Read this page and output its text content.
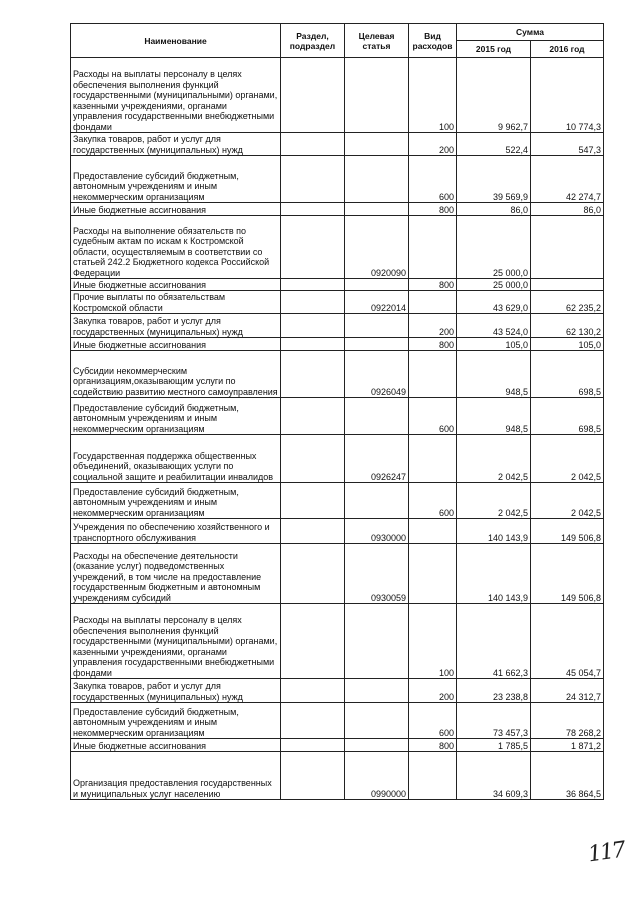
Наименование	Раздел, подраздел	Целевая статья	Вид расходов	Сумма	
				2015 год	2016 год
Расходы на выплаты персоналу в целях обеспечения выполнения функций государственными (муниципальными) органами, казенными учреждениями, органами управления государственными внебюджетными фондами			100	9 962,7	10 774,3
Закупка товаров, работ и услуг для государственных (муниципальных) нужд			200	522,4	547,3
Предоставление субсидий бюджетным, автономным учреждениям и иным некоммерческим организациям			600	39 569,9	42 274,7
Иные бюджетные ассигнования			800	86,0	86,0
Расходы на выполнение обязательств по судебным актам по искам к Костромской области, осуществляемым в соответствии со статьей 242.2 Бюджетного кодекса Российской Федерации		0920090		25 000,0	
Иные бюджетные ассигнования			800	25 000,0	
Прочие выплаты по обязательствам Костромской области		0922014		43 629,0	62 235,2
Закупка товаров, работ и услуг для государственных (муниципальных) нужд			200	43 524,0	62 130,2
Иные бюджетные ассигнования			800	105,0	105,0
Субсидии некоммерческим организациям,оказывающим услуги по содействию развитию местного самоуправления		0926049		948,5	698,5
Предоставление субсидий бюджетным, автономным учреждениям и иным некоммерческим организациям			600	948,5	698,5
Государственная поддержка общественных объединений, оказывающих услуги по социальной защите и реабилитации инвалидов		0926247		2 042,5	2 042,5
Предоставление субсидий бюджетным, автономным учреждениям и иным некоммерческим организациям			600	2 042,5	2 042,5
Учреждения по обеспечению хозяйственного и транспортного обслуживания		0930000		140 143,9	149 506,8
Расходы на обеспечение деятельности (оказание услуг) подведомственных учреждений, в том числе на предоставление государственным бюджетным и автономным учреждениям субсидий		0930059		140 143,9	149 506,8
Расходы на выплаты персоналу в целях обеспечения выполнения функций государственными (муниципальными) органами, казенными учреждениями, органами управления государственными внебюджетными фондами			100	41 662,3	45 054,7
Закупка товаров, работ и услуг для государственных (муниципальных) нужд			200	23 238,8	24 312,7
Предоставление субсидий бюджетным, автономным учреждениям и иным некоммерческим организациям			600	73 457,3	78 268,2
Иные бюджетные ассигнования			800	1 785,5	1 871,2
Организация предоставления государственных и муниципальных услуг населению		0990000		34 609,3	36 864,5
117
